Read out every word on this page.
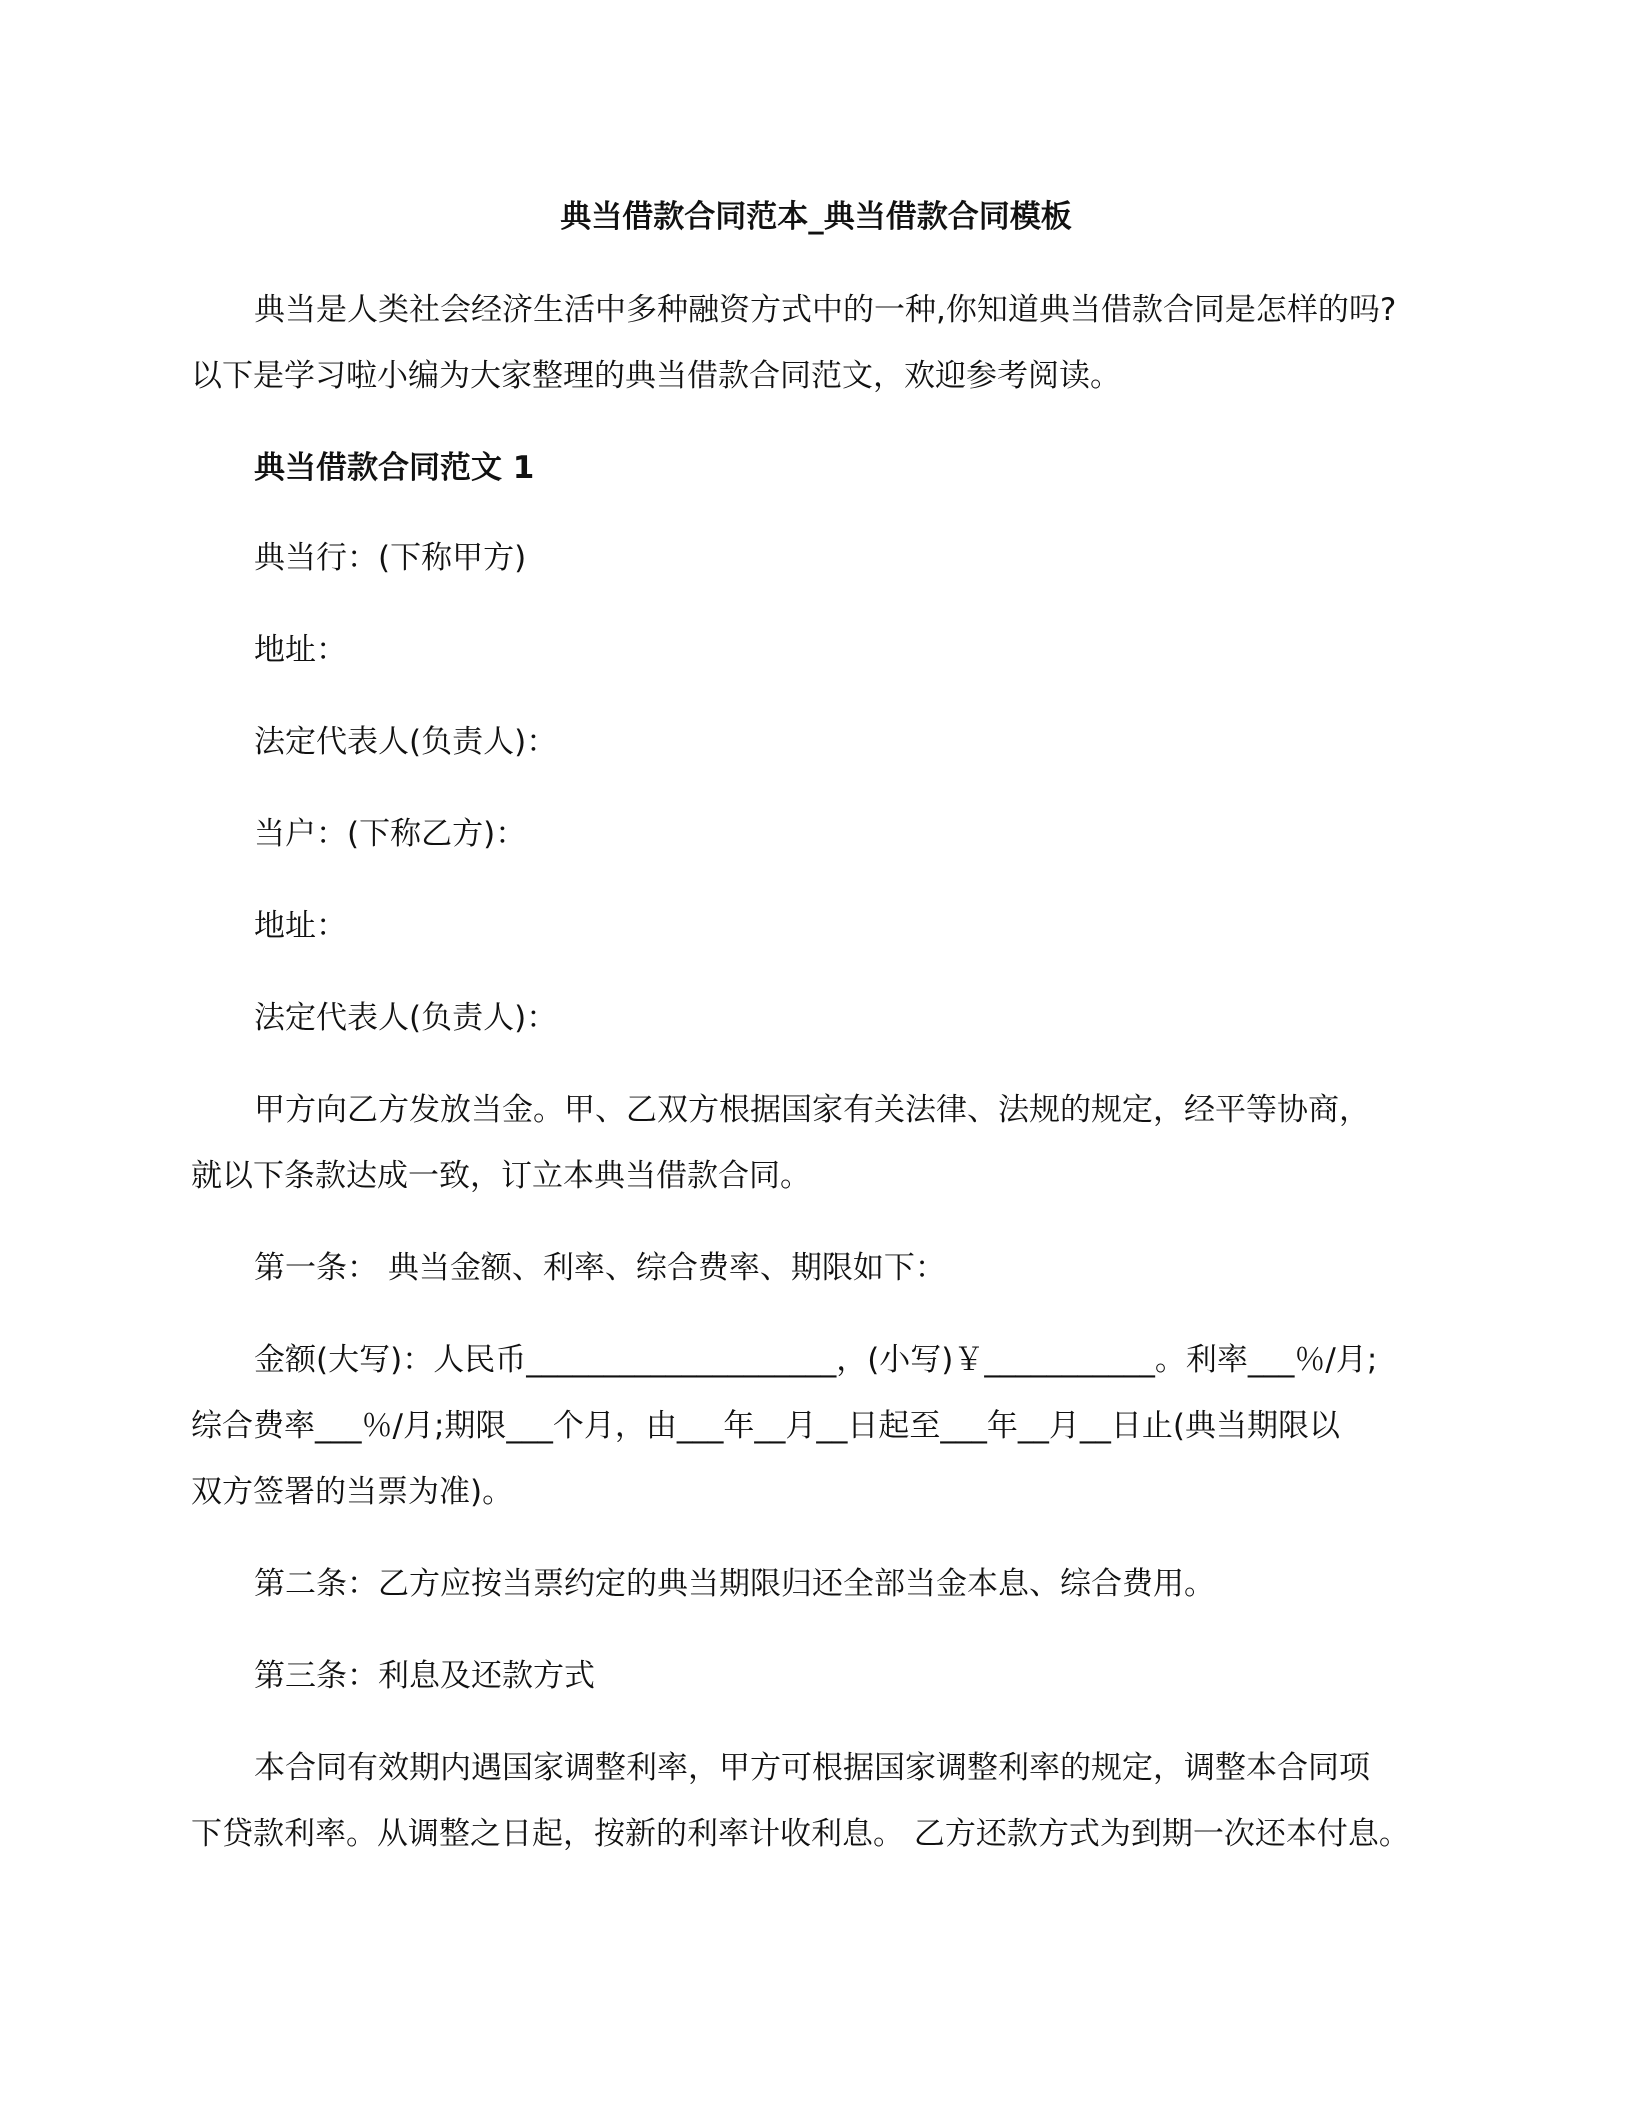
典当借款合同范本_典当借款合同模板
典当是人类社会经济生活中多种融资方式中的一种,你知道典当借款合同是怎样的吗?
以下是学习啦小编为大家整理的典当借款合同范文，欢迎参考阅读。
典当借款合同范文 1
典当行：(下称甲方)
地址：
法定代表人(负责人)：
当户：(下称乙方)：
地址：
法定代表人(负责人)：
甲方向乙方发放当金。甲、乙双方根据国家有关法律、法规的规定，经平等协商，
就以下条款达成一致，订立本典当借款合同。
第一条： 典当金额、利率、综合费率、期限如下：
金额(大写)：人民币____________________，(小写)￥___________。利率___％/月;
综合费率___％/月;期限___个月，由___年__月__日起至___年__月__日止(典当期限以
双方签署的当票为准)。
第二条：乙方应按当票约定的典当期限归还全部当金本息、综合费用。
第三条：利息及还款方式
本合同有效期内遇国家调整利率，甲方可根据国家调整利率的规定，调整本合同项
下贷款利率。从调整之日起，按新的利率计收利息。 乙方还款方式为到期一次还本付息。
